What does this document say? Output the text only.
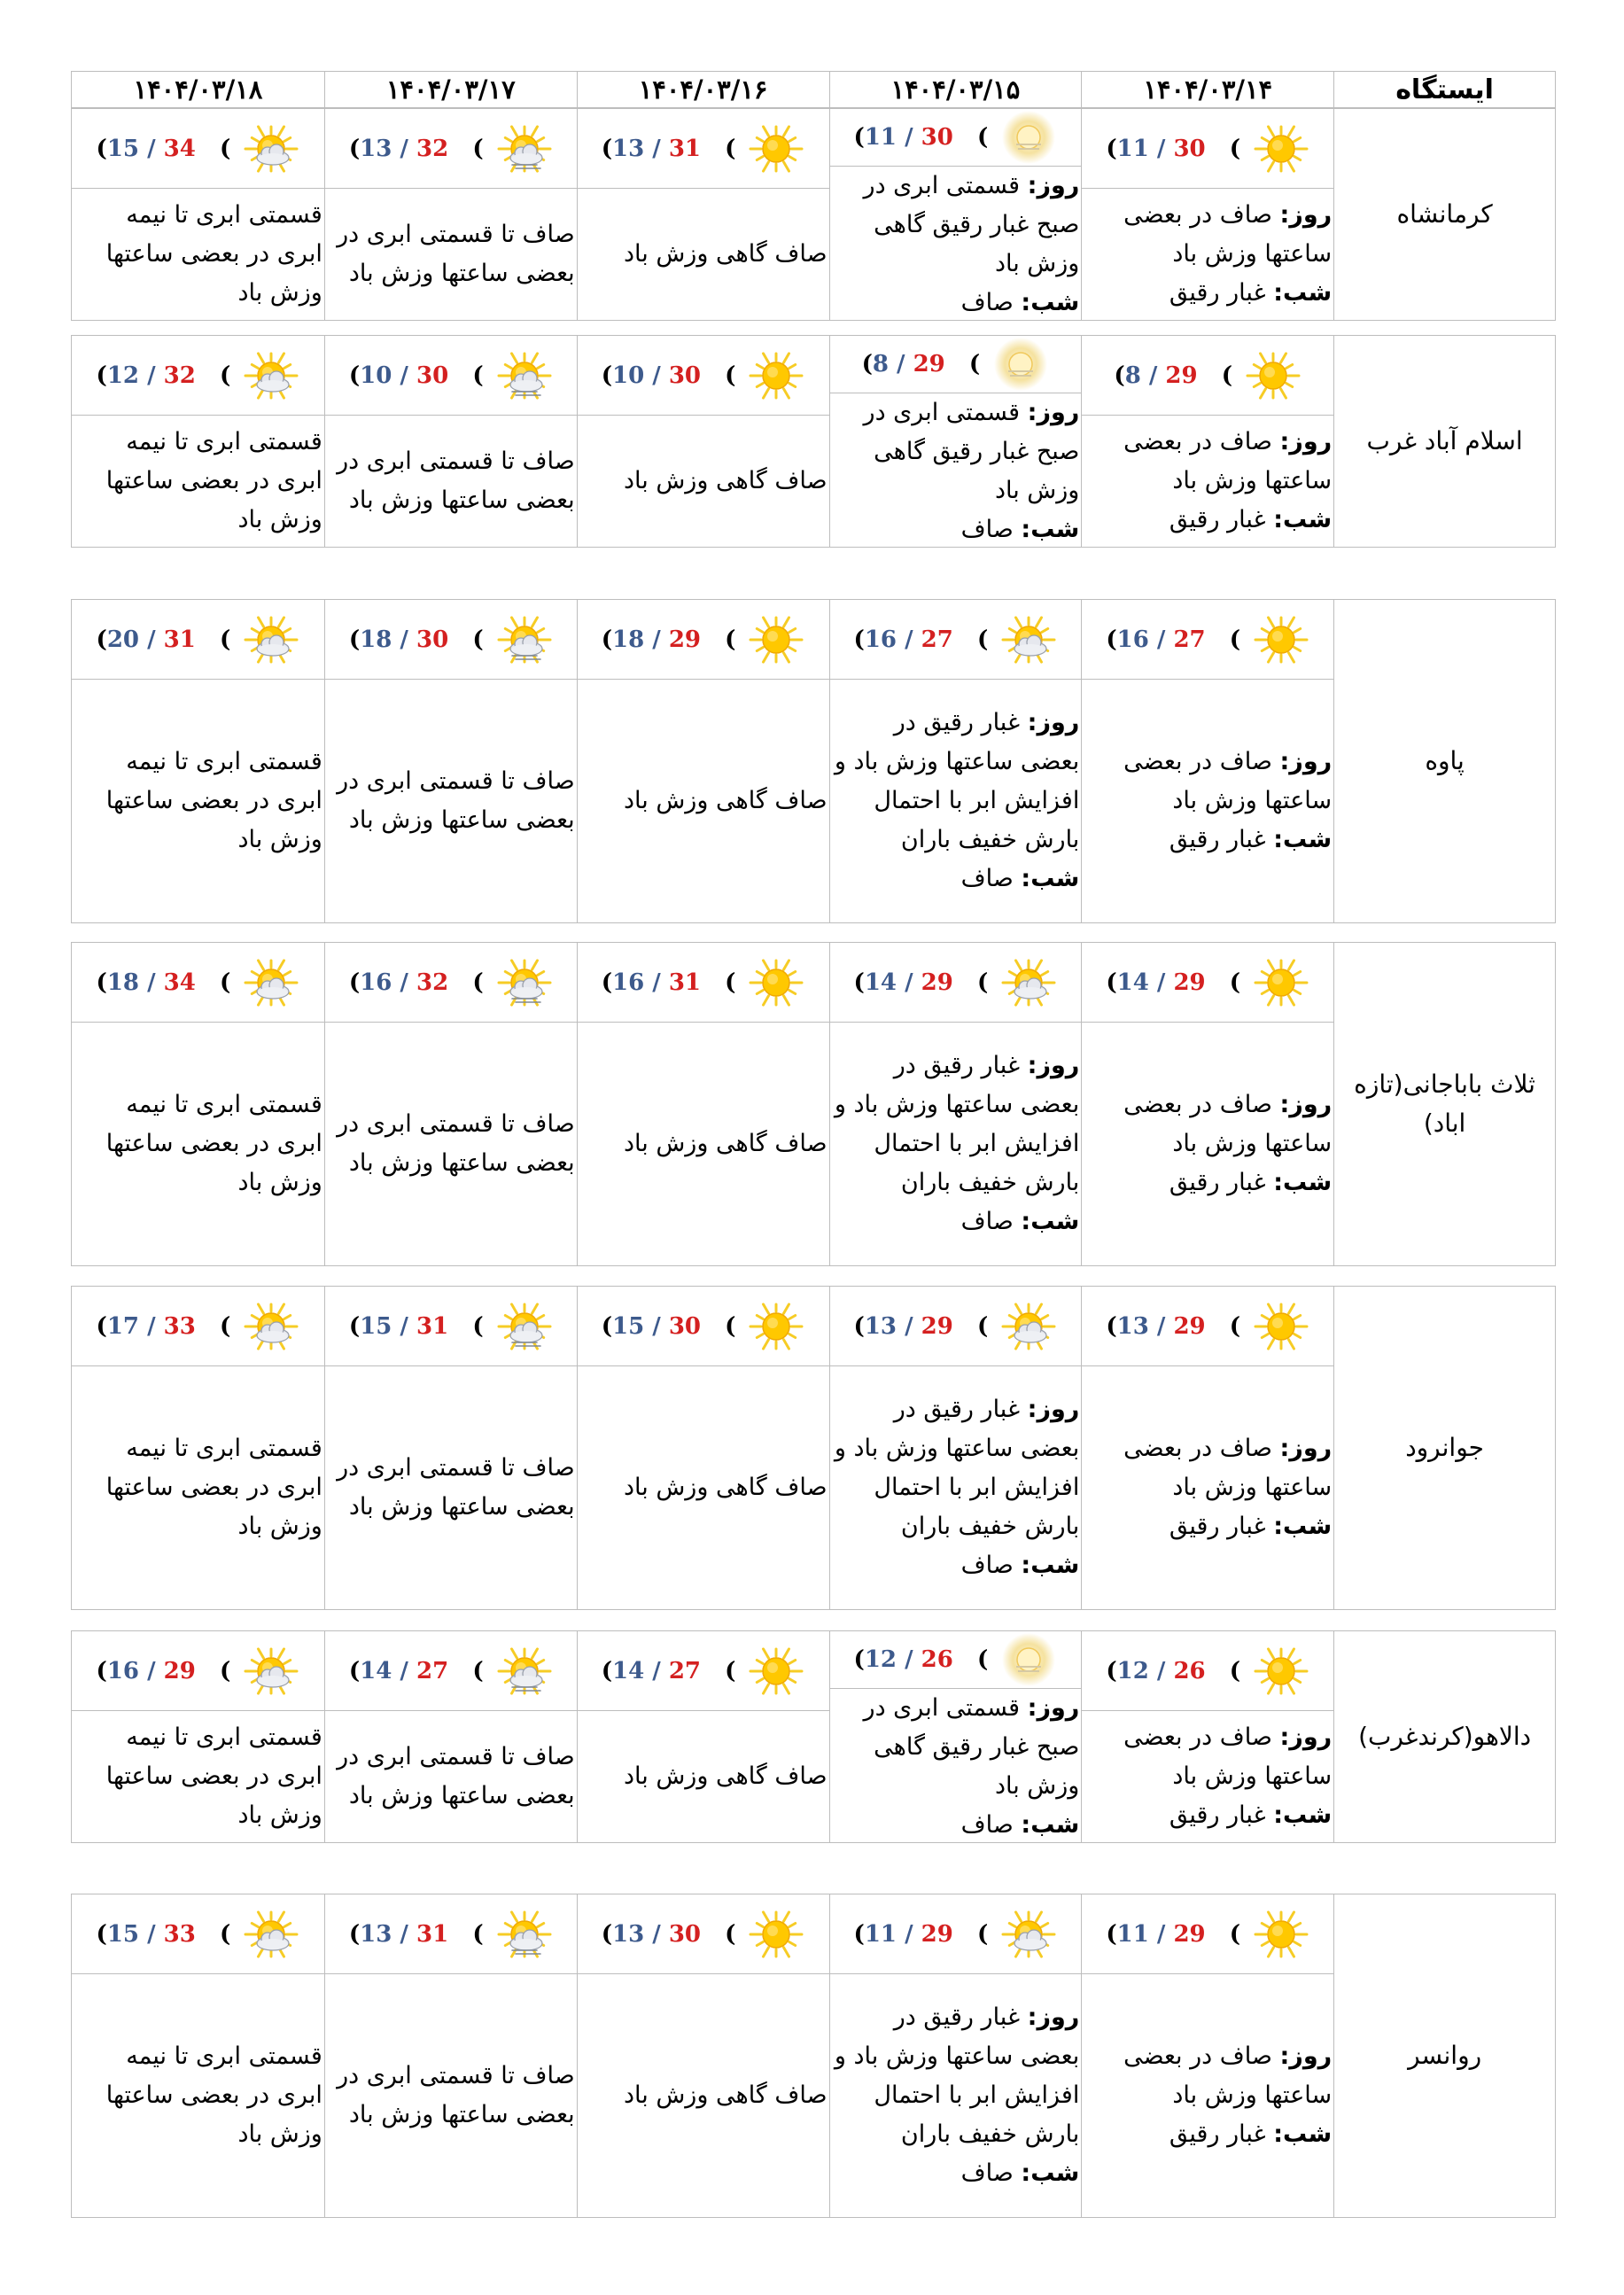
ایستگاه
۱۴۰۴/۰۳/۱۴
۱۴۰۴/۰۳/۱۵
۱۴۰۴/۰۳/۱۶
۱۴۰۴/۰۳/۱۷
۱۴۰۴/۰۳/۱۸
کرمانشاه
(11 / 30   (
روز: صاف در بعضی ساعتها وزش باد
شب: غبار رقیق
(11 / 30   (
روز: قسمتی ابری در صبح غبار رقیق گاهی وزش باد
شب: صاف
(13 / 31   (
صاف گاهی وزش باد
(13 / 32   (
صاف تا قسمتی ابری در بعضی ساعتها وزش باد
(15 / 34   (
قسمتی ابری تا نیمه ابری در بعضی ساعتها وزش باد
اسلام آباد غرب
(8 / 29   (
روز: صاف در بعضی ساعتها وزش باد
شب: غبار رقیق
(8 / 29   (
روز: قسمتی ابری در صبح غبار رقیق گاهی وزش باد
شب: صاف
(10 / 30   (
صاف گاهی وزش باد
(10 / 30   (
صاف تا قسمتی ابری در بعضی ساعتها وزش باد
(12 / 32   (
قسمتی ابری تا نیمه ابری در بعضی ساعتها وزش باد
پاوه
(16 / 27   (
روز: صاف در بعضی ساعتها وزش باد
شب: غبار رقیق
(16 / 27   (
روز: غبار رقیق در بعضی ساعتها وزش باد و افزایش ابر با احتمال بارش خفیف باران
شب: صاف
(18 / 29   (
صاف گاهی وزش باد
(18 / 30   (
صاف تا قسمتی ابری در بعضی ساعتها وزش باد
(20 / 31   (
قسمتی ابری تا نیمه ابری در بعضی ساعتها وزش باد
ثلاث باباجانی(تازه اباد)
(14 / 29   (
روز: صاف در بعضی ساعتها وزش باد
شب: غبار رقیق
(14 / 29   (
روز: غبار رقیق در بعضی ساعتها وزش باد و افزایش ابر با احتمال بارش خفیف باران
شب: صاف
(16 / 31   (
صاف گاهی وزش باد
(16 / 32   (
صاف تا قسمتی ابری در بعضی ساعتها وزش باد
(18 / 34   (
قسمتی ابری تا نیمه ابری در بعضی ساعتها وزش باد
جوانرود
(13 / 29   (
روز: صاف در بعضی ساعتها وزش باد
شب: غبار رقیق
(13 / 29   (
روز: غبار رقیق در بعضی ساعتها وزش باد و افزایش ابر با احتمال بارش خفیف باران
شب: صاف
(15 / 30   (
صاف گاهی وزش باد
(15 / 31   (
صاف تا قسمتی ابری در بعضی ساعتها وزش باد
(17 / 33   (
قسمتی ابری تا نیمه ابری در بعضی ساعتها وزش باد
دالاهو(کرندغرب)
(12 / 26   (
روز: صاف در بعضی ساعتها وزش باد
شب: غبار رقیق
(12 / 26   (
روز: قسمتی ابری در صبح غبار رقیق گاهی وزش باد
شب: صاف
(14 / 27   (
صاف گاهی وزش باد
(14 / 27   (
صاف تا قسمتی ابری در بعضی ساعتها وزش باد
(16 / 29   (
قسمتی ابری تا نیمه ابری در بعضی ساعتها وزش باد
روانسر
(11 / 29   (
روز: صاف در بعضی ساعتها وزش باد
شب: غبار رقیق
(11 / 29   (
روز: غبار رقیق در بعضی ساعتها وزش باد و افزایش ابر با احتمال بارش خفیف باران
شب: صاف
(13 / 30   (
صاف گاهی وزش باد
(13 / 31   (
صاف تا قسمتی ابری در بعضی ساعتها وزش باد
(15 / 33   (
قسمتی ابری تا نیمه ابری در بعضی ساعتها وزش باد
